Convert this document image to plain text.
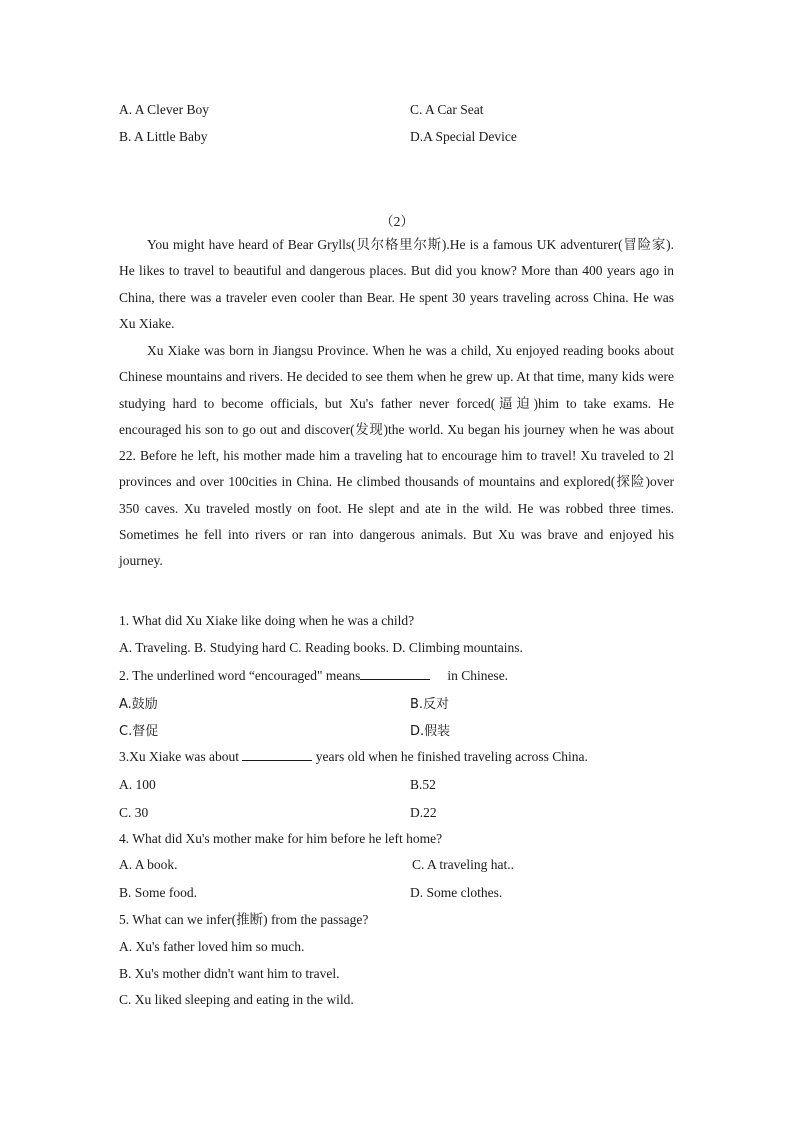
A. A Clever Boy	C. A Car Seat
B. A Little Baby	D.A Special Device
（2）

You might have heard of Bear Grylls(贝尔格里尔斯).He is a famous UK adventurer(冒险家). He likes to travel to beautiful and dangerous places. But did you know? More than 400 years ago in China, there was a traveler even cooler than Bear. He spent 30 years traveling across China. He was Xu Xiake.

Xu Xiake was born in Jiangsu Province. When he was a child, Xu enjoyed reading books about Chinese mountains and rivers. He decided to see them when he grew up. At that time, many kids were studying hard to become officials, but Xu's father never forced(逼迫)him to take exams. He encouraged his son to go out and discover(发现)the world. Xu began his journey when he was about 22. Before he left, his mother made him a traveling hat to encourage him to travel! Xu traveled to 2l provinces and over 100cities in China. He climbed thousands of mountains and explored(探险)over 350 caves. Xu traveled mostly on foot. He slept and ate in the wild. He was robbed three times. Sometimes he fell into rivers or ran into dangerous animals. But Xu was brave and enjoyed his journey.

1. What did Xu Xiake like doing when he was a child?
A. Traveling. B. Studying hard C. Reading books. D. Climbing mountains.
2. The underlined word “encouraged" means	in Chinese.
A.鼓励	B.反对
C.督促	D.假装
3.Xu Xiake was about	years old when he finished traveling across China.
A. 100	B.52
C. 30	D.22
4. What did Xu's mother make for him before he left home?
A. A book.	C. A traveling hat..
B. Some food.	D. Some clothes.
5. What can we infer(推断) from the passage?
A. Xu's father loved him so much.
B. Xu's mother didn't want him to travel.
C. Xu liked sleeping and eating in the wild.
